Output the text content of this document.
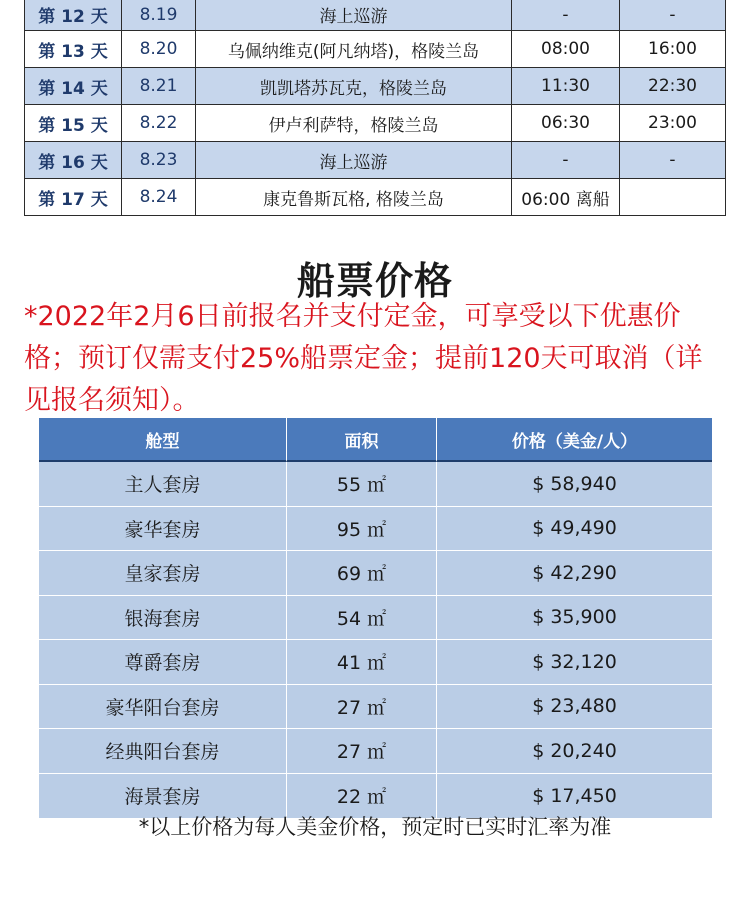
第 12 天	8.19	海上巡游	-	-
第 13 天	8.20	乌佩纳维克(阿凡纳塔)，格陵兰岛	08:00	16:00
第 14 天	8.21	凯凯塔苏瓦克，格陵兰岛	11:30	22:30
第 15 天	8.22	伊卢利萨特，格陵兰岛	06:30	23:00
第 16 天	8.23	海上巡游	-	-
第 17 天	8.24	康克鲁斯瓦格, 格陵兰岛	06:00 离船	
船票价格
*2022年2月6日前报名并支付定金，可享受以下优惠价格；预订仅需支付25%船票定金；提前120天可取消（详见报名须知）。
舱型	面积	价格（美金/人）
主人套房	55 ㎡	$ 58,940
豪华套房	95 ㎡	$ 49,490
皇家套房	69 ㎡	$ 42,290
银海套房	54 ㎡	$ 35,900
尊爵套房	41 ㎡	$ 32,120
豪华阳台套房	27 ㎡	$ 23,480
经典阳台套房	27 ㎡	$ 20,240
海景套房	22 ㎡	$ 17,450
*以上价格为每人美金价格，预定时已实时汇率为准
